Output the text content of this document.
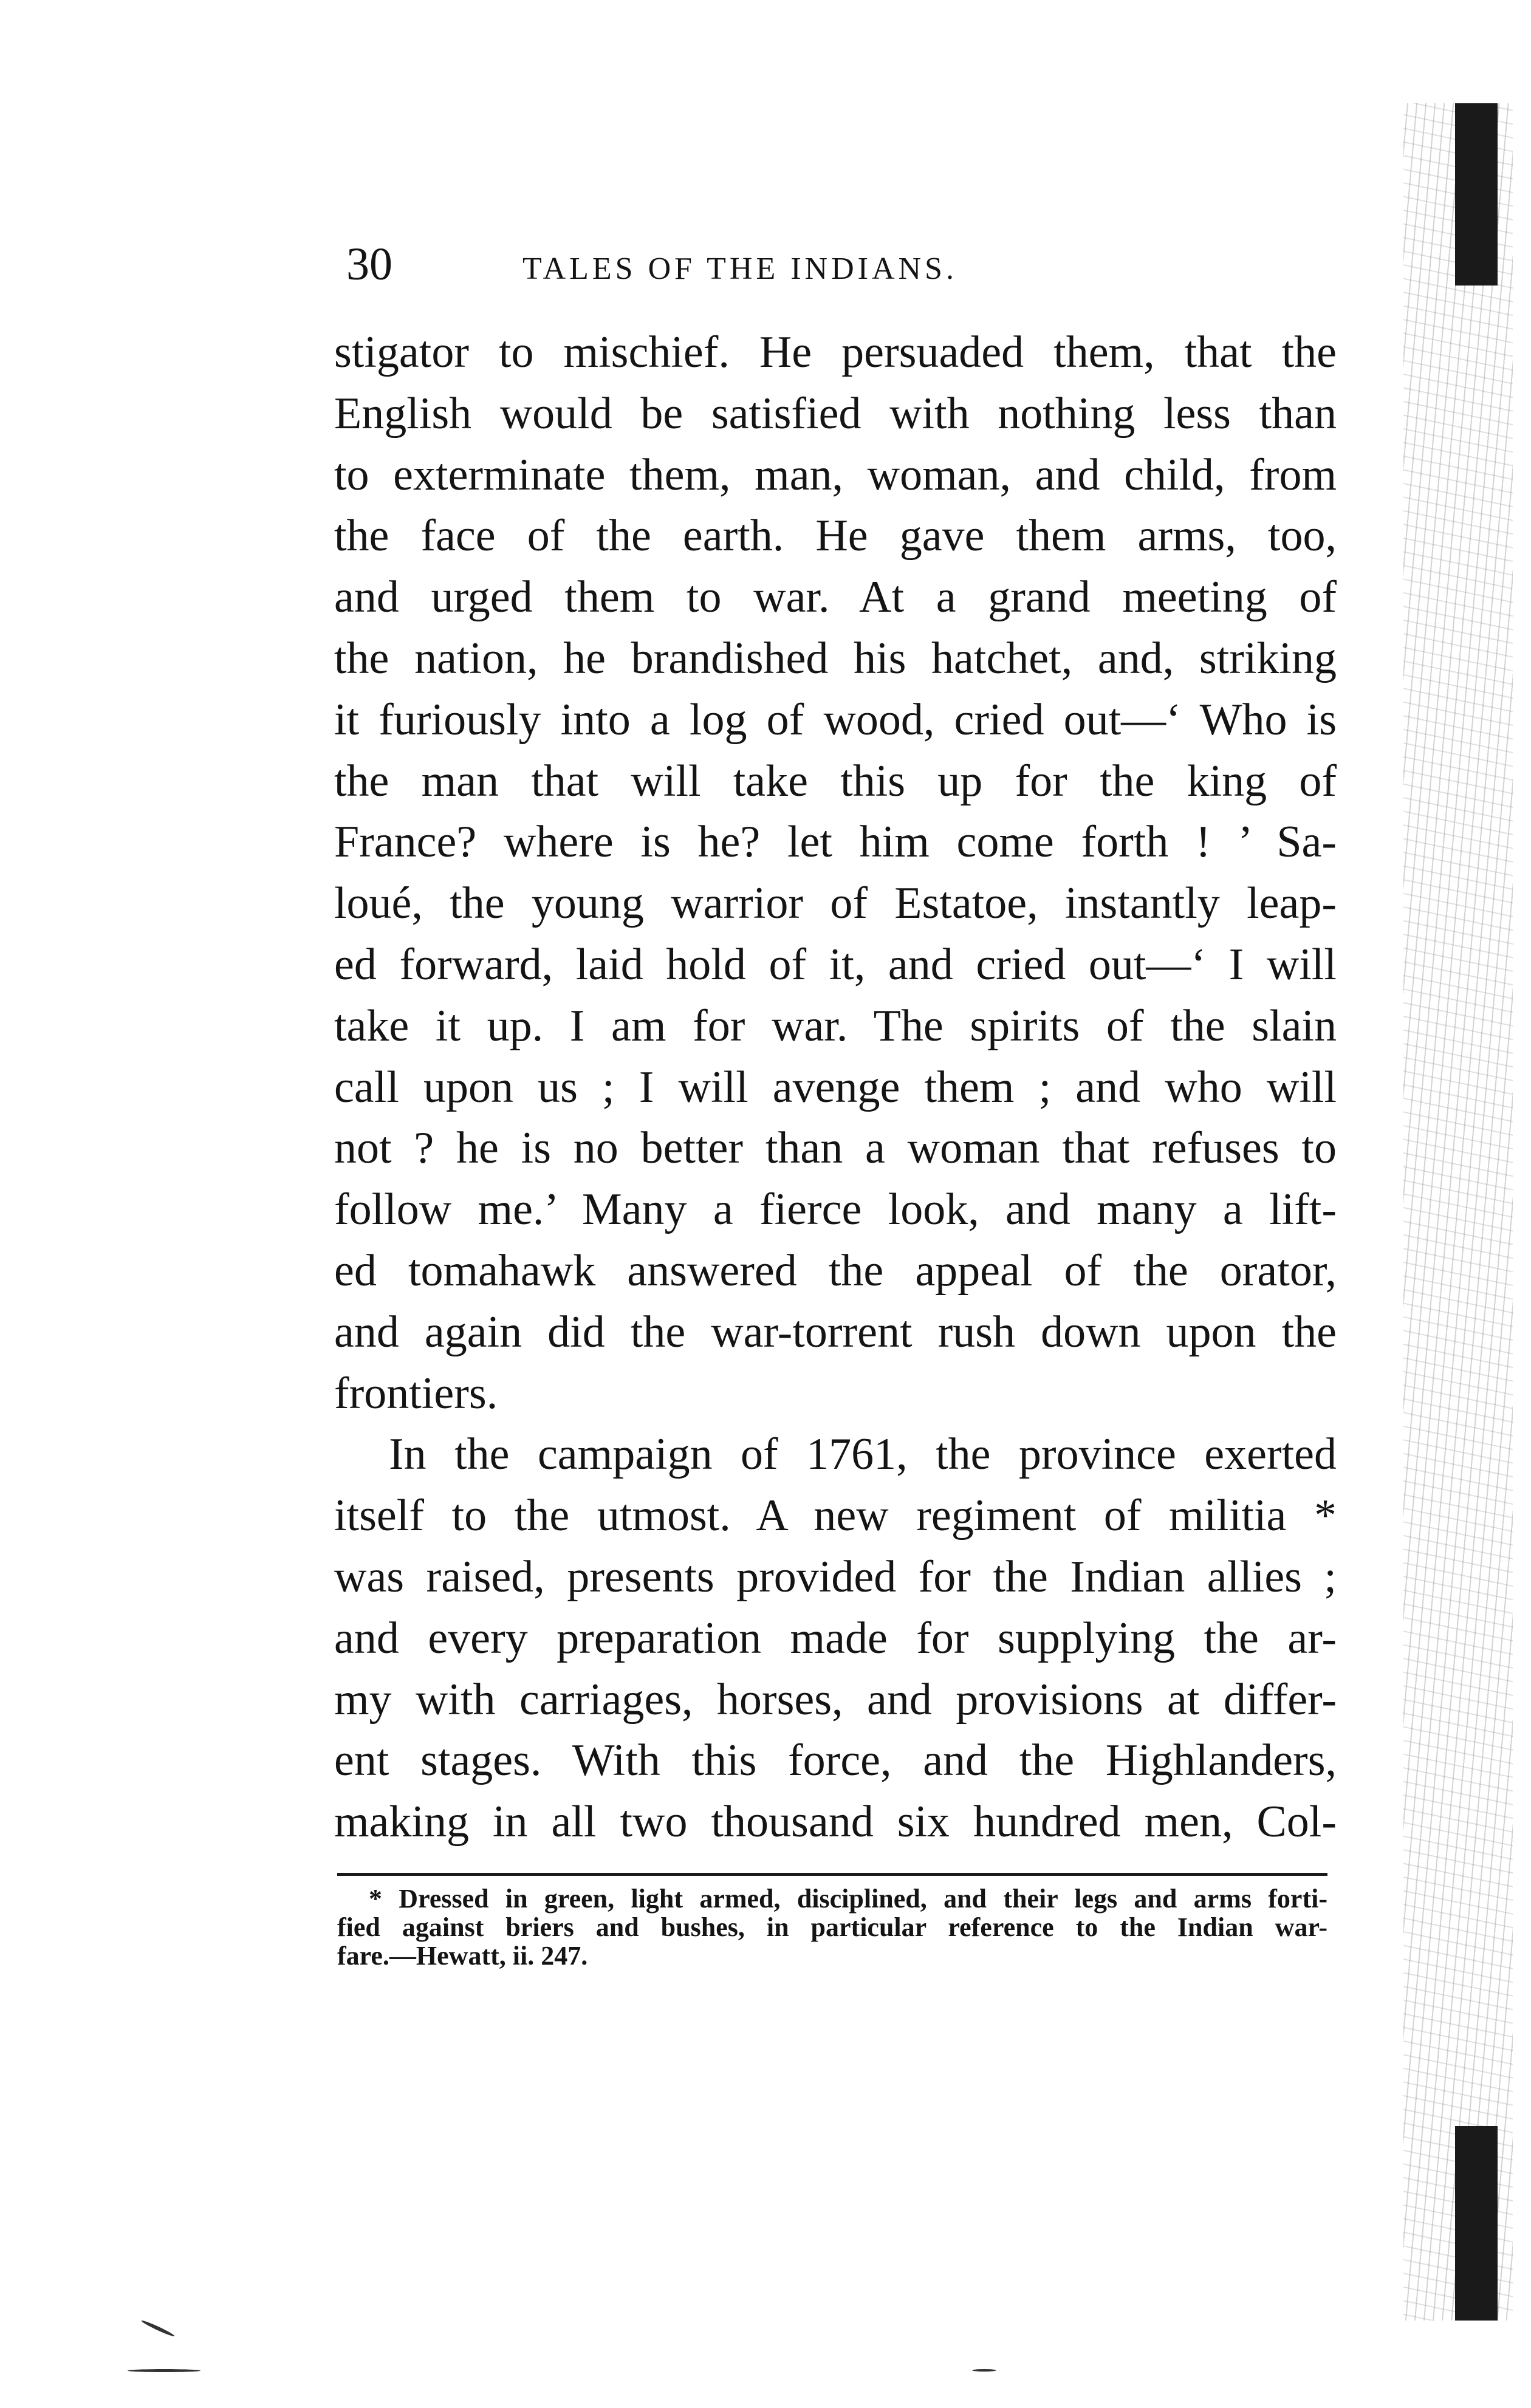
30	TALES OF THE INDIANS.
stigator to mischief. He persuaded them, that the
English would be satisfied with nothing less than
to exterminate them, man, woman, and child, from
the face of the earth. He gave them arms, too,
and urged them to war. At a grand meeting of
the nation, he brandished his hatchet, and, striking
it furiously into a log of wood, cried out—‘ Who is
the man that will take this up for the king of
France? where is he? let him come forth ! ’ Sa-
loué, the young warrior of Estatoe, instantly leap-
ed forward, laid hold of it, and cried out—‘ I will
take it up. I am for war. The spirits of the slain
call upon us ; I will avenge them ; and who will
not ? he is no better than a woman that refuses to
follow me.’ Many a fierce look, and many a lift-
ed tomahawk answered the appeal of the orator,
and again did the war-torrent rush down upon the
frontiers.
In the campaign of 1761, the province exerted
itself to the utmost. A new regiment of militia *
was raised, presents provided for the Indian allies ;
and every preparation made for supplying the ar-
my with carriages, horses, and provisions at differ-
ent stages. With this force, and the Highlanders,
making in all two thousand six hundred men, Col-
* Dressed in green, light armed, disciplined, and their legs and arms forti-
fied against briers and bushes, in particular reference to the Indian war-
fare.—Hewatt, ii. 247.
